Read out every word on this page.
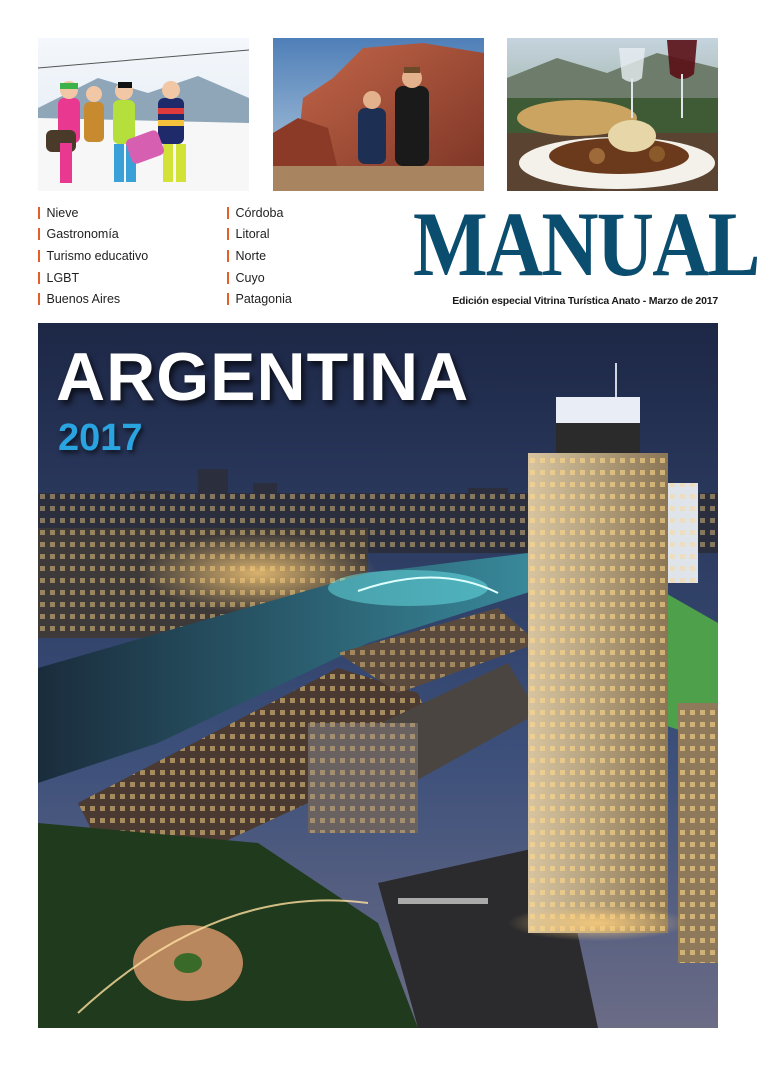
Nieve
Gastronomía
Turismo educativo
LGBT
Buenos Aires
Córdoba
Litoral
Norte
Cuyo
Patagonia
MANUAL
Edición especial Vitrina Turística Anato - Marzo de 2017
ARGENTINA
2017
